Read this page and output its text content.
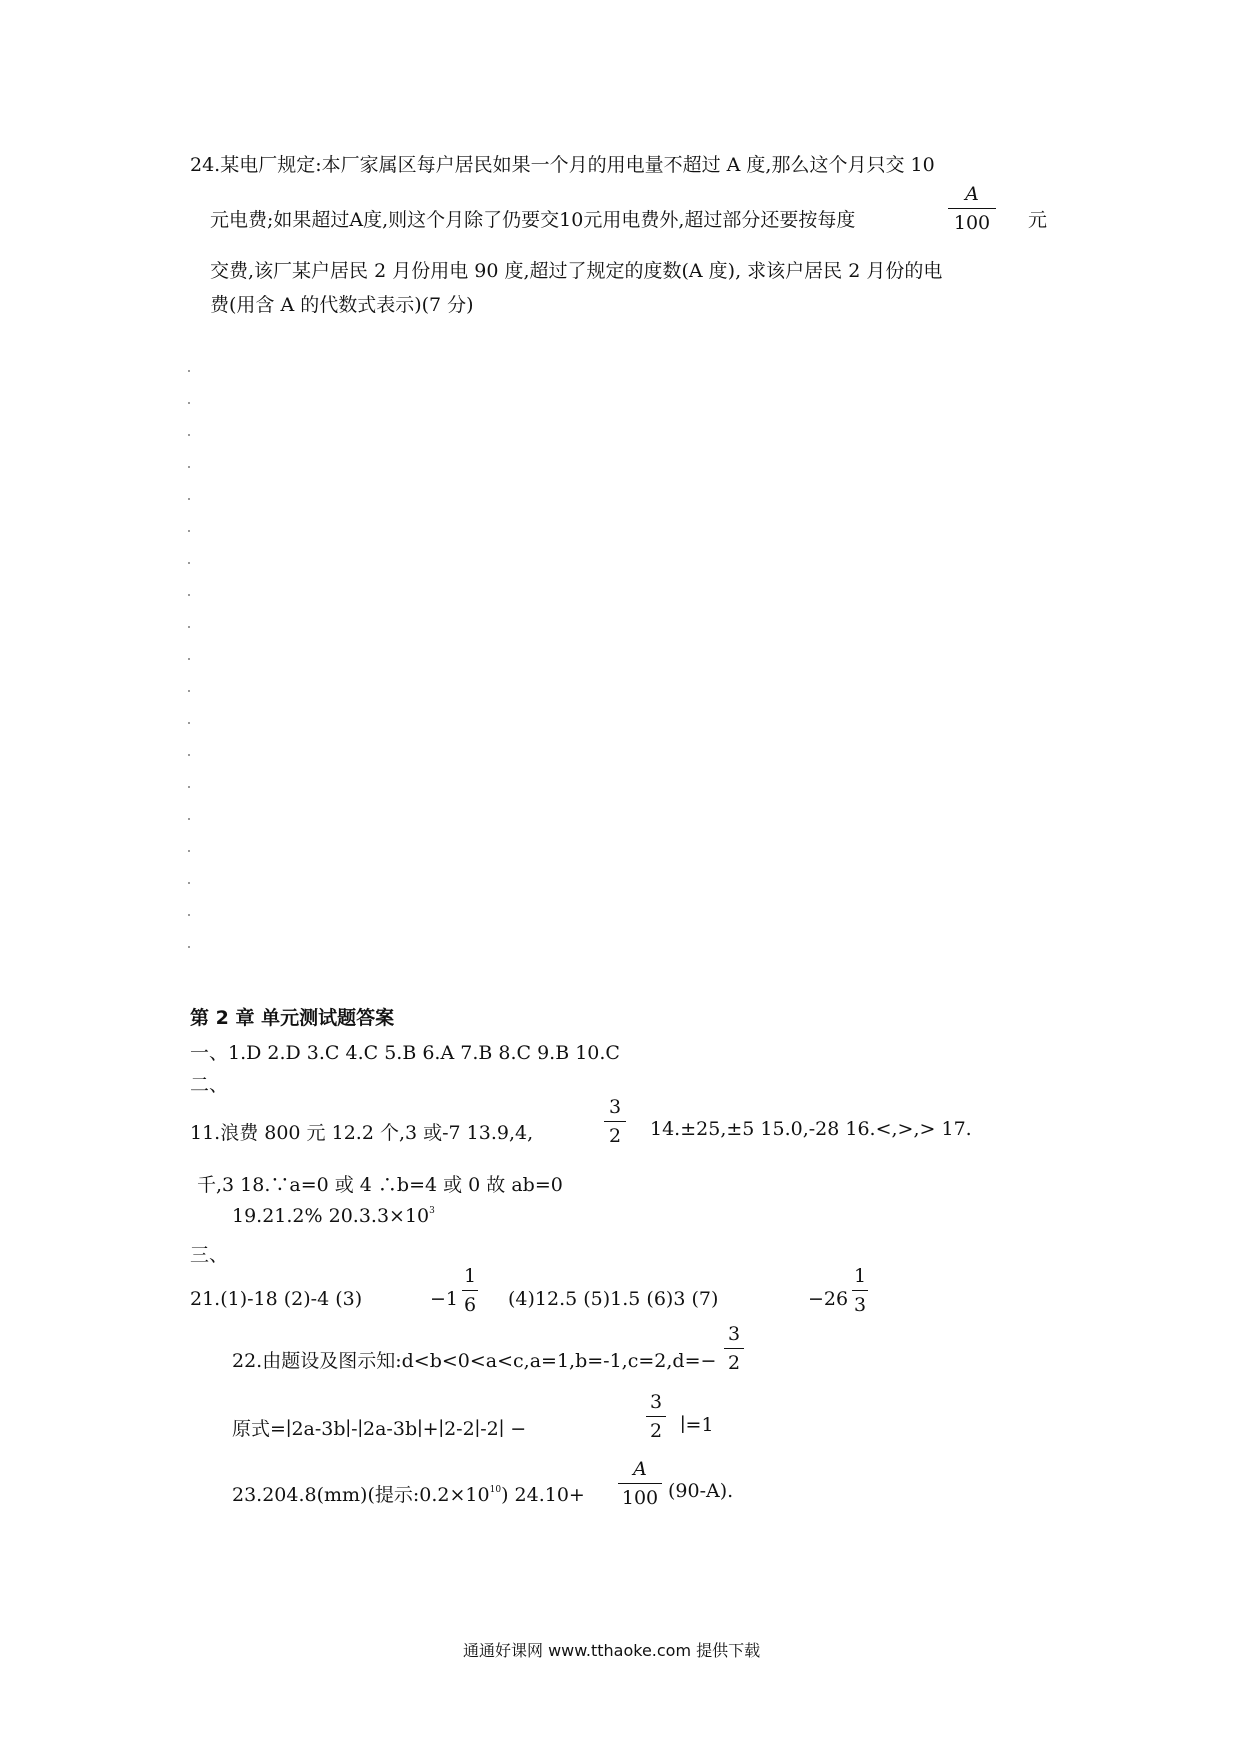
24.某电厂规定:本厂家属区每户居民如果一个月的用电量不超过 A 度,那么这个月只交 10
元电费;如果超过A度,则这个月除了仍要交10元用电费外,超过部分还要按每度
A
100	元
交费,该厂某户居民 2 月份用电 90 度,超过了规定的度数(A 度), 求该户居民 2 月份的电
费(用含 A 的代数式表示)(7 分)
第 2 章 单元测试题答案
一、1.D 2.D 3.C 4.C 5.B 6.A 7.B 8.C 9.B 10.C
二、
11.浪费 800 元 12.2 个,3 或-7 13.9,4,
3
2 14.±25,±5 15.0,-28 16.<,>,> 17.
千,3 18.∵a=0 或 4 ∴b=4 或 0 故 ab=0
19.21.2% $20.3.3\times 10^3$
三、
21.(1)-18 (2)-4 (3)	−1
1
6 (4)12.5 (5)1.5 (6)3 (7)	−26
1
3
22.由题设及图示知:d<b<0<a<c,a=1,b=-1,c=2,d=−
3
2
原式=∣2a-3b∣-∣2a-3b∣+∣2-2∣-2∣ −
3
2 ∣=1
23.204.8(mm)(提示$:0.2\times 10^{10}$) 24.10+
A
100 (90-A).
通通好课网 www.tthaoke.com 提供下载
